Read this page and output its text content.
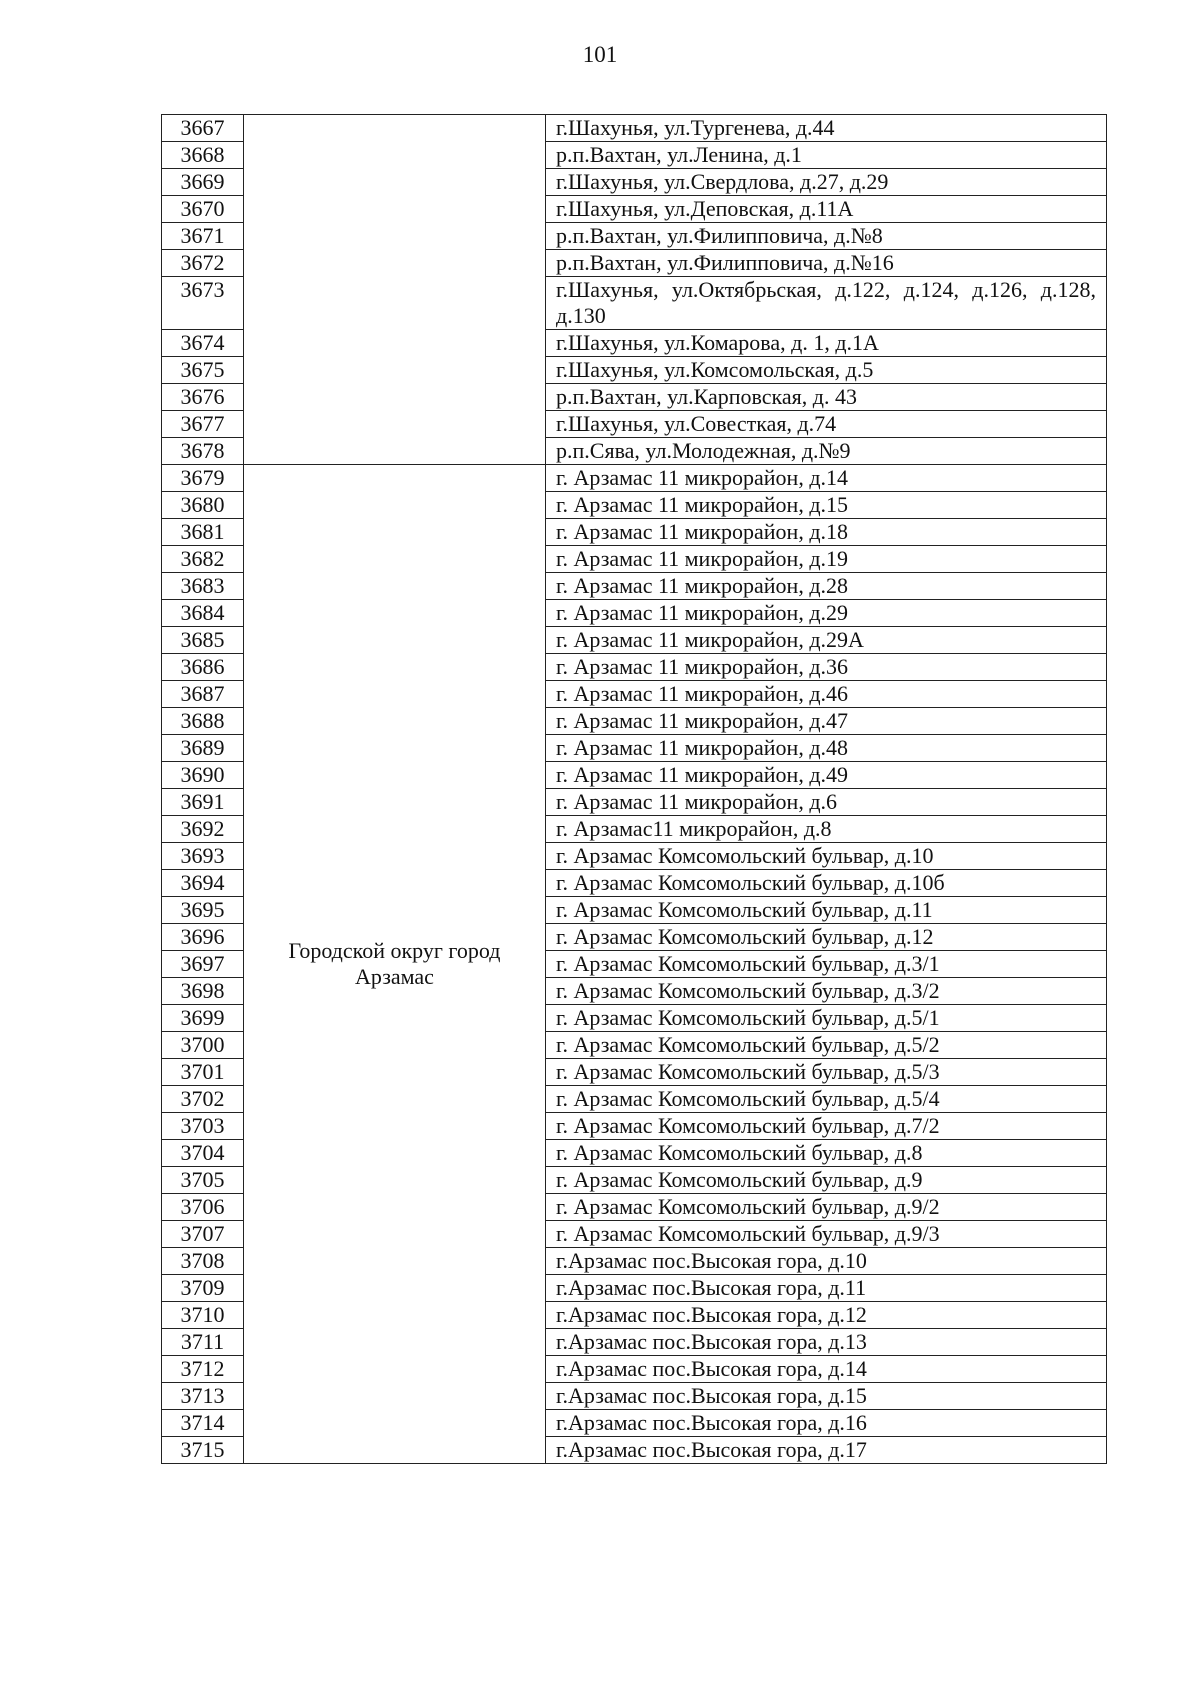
101
3667		г.Шахунья, ул.Тургенева, д.44
3668		р.п.Вахтан, ул.Ленина, д.1
3669		г.Шахунья, ул.Свердлова, д.27, д.29
3670		г.Шахунья, ул.Деповская, д.11А
3671		р.п.Вахтан, ул.Филипповича, д.№8
3672		р.п.Вахтан, ул.Филипповича, д.№16
3673		г.Шахунья, ул.Октябрьская, д.122, д.124, д.126, д.128, д.130
3674		г.Шахунья, ул.Комарова, д. 1, д.1А
3675		г.Шахунья, ул.Комсомольская, д.5
3676		р.п.Вахтан, ул.Карповская, д. 43
3677		г.Шахунья, ул.Совесткая, д.74
3678		р.п.Сява, ул.Молодежная, д.№9
3679	Городской округ город Арзамас	г. Арзамас 11 микрорайон, д.14
3680		г. Арзамас 11 микрорайон, д.15
3681		г. Арзамас 11 микрорайон, д.18
3682		г. Арзамас 11 микрорайон, д.19
3683		г. Арзамас 11 микрорайон, д.28
3684		г. Арзамас 11 микрорайон, д.29
3685		г. Арзамас 11 микрорайон, д.29А
3686		г. Арзамас 11 микрорайон, д.36
3687		г. Арзамас 11 микрорайон, д.46
3688		г. Арзамас 11 микрорайон, д.47
3689		г. Арзамас 11 микрорайон, д.48
3690		г. Арзамас 11 микрорайон, д.49
3691		г. Арзамас 11 микрорайон, д.6
3692		г. Арзамас11 микрорайон, д.8
3693		г. Арзамас Комсомольский бульвар, д.10
3694		г. Арзамас Комсомольский бульвар, д.10б
3695		г. Арзамас Комсомольский бульвар, д.11
3696		г. Арзамас Комсомольский бульвар, д.12
3697		г. Арзамас Комсомольский бульвар, д.3/1
3698		г. Арзамас Комсомольский бульвар, д.3/2
3699		г. Арзамас Комсомольский бульвар, д.5/1
3700		г. Арзамас Комсомольский бульвар, д.5/2
3701		г. Арзамас Комсомольский бульвар, д.5/3
3702		г. Арзамас Комсомольский бульвар, д.5/4
3703		г. Арзамас Комсомольский бульвар, д.7/2
3704		г. Арзамас Комсомольский бульвар, д.8
3705		г. Арзамас Комсомольский бульвар, д.9
3706		г. Арзамас Комсомольский бульвар, д.9/2
3707		г. Арзамас Комсомольский бульвар, д.9/3
3708		г.Арзамас пос.Высокая гора, д.10
3709		г.Арзамас пос.Высокая гора, д.11
3710		г.Арзамас пос.Высокая гора, д.12
3711		г.Арзамас пос.Высокая гора, д.13
3712		г.Арзамас пос.Высокая гора, д.14
3713		г.Арзамас пос.Высокая гора, д.15
3714		г.Арзамас пос.Высокая гора, д.16
3715		г.Арзамас пос.Высокая гора, д.17
